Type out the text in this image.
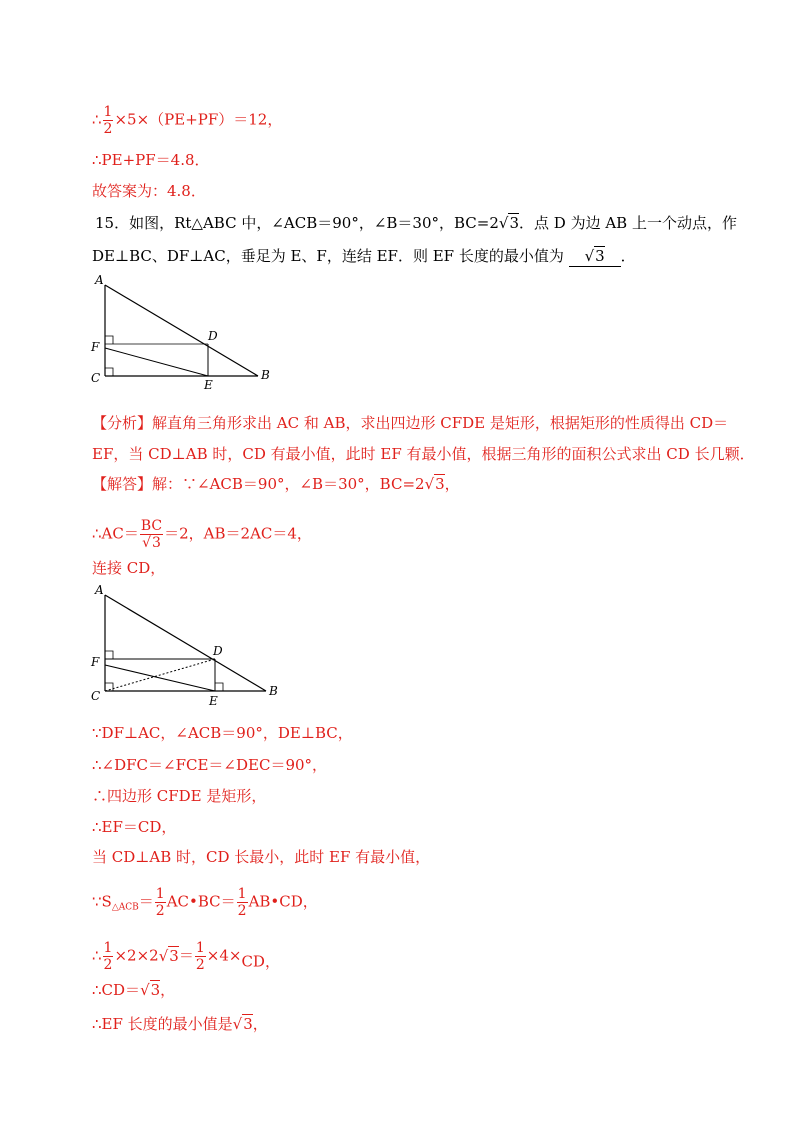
∴ $\frac{1}{2} \times 5\times(PE+PF)=12$，
∴PE+PF＝4.8．
故答案为：4.8．
15．如图，Rt△ABC 中，∠ACB＝90°，∠B＝30°，BC=2√3．点 D 为边 AB 上一个动点，作
DE⊥BC、DF⊥AC，垂足为 E、F，连结 EF．则 EF 长度的最小值为 √3 ．
A
B
C
D
E
F
【分析】解直角三角形求出 AC 和 AB，求出四边形 CFDE 是矩形，根据矩形的性质得出 CD＝
EF，当 CD⊥AB 时，CD 有最小值，此时 EF 有最小值，根据三角形的面积公式求出 CD 长几颗．
【解答】解：∵∠ACB＝90°，∠B＝30°，BC=2√3，
∴AC＝ $\frac{BC}{√3} =2$，AB＝2AC＝4，
连接 CD，
A
B
C
D
E
F
∵DF⊥AC，∠ACB＝90°，DE⊥BC，
∴∠DFC＝∠FCE＝∠DEC＝90°，
∴四边形 CFDE 是矩形，
∴EF＝CD，
当 CD⊥AB 时，CD 长最小，此时 EF 有最小值，
$\because S_{\triangle ACB}= \frac{1}{2}$ AC•BC＝ $\frac{1}{2}$ AB•CD，
∴ $\frac{1}{2} \times 2\times 2√3= \frac{1}{2} \times 4\times CD$，
∴CD＝√3，
∴EF 长度的最小值是√3，
